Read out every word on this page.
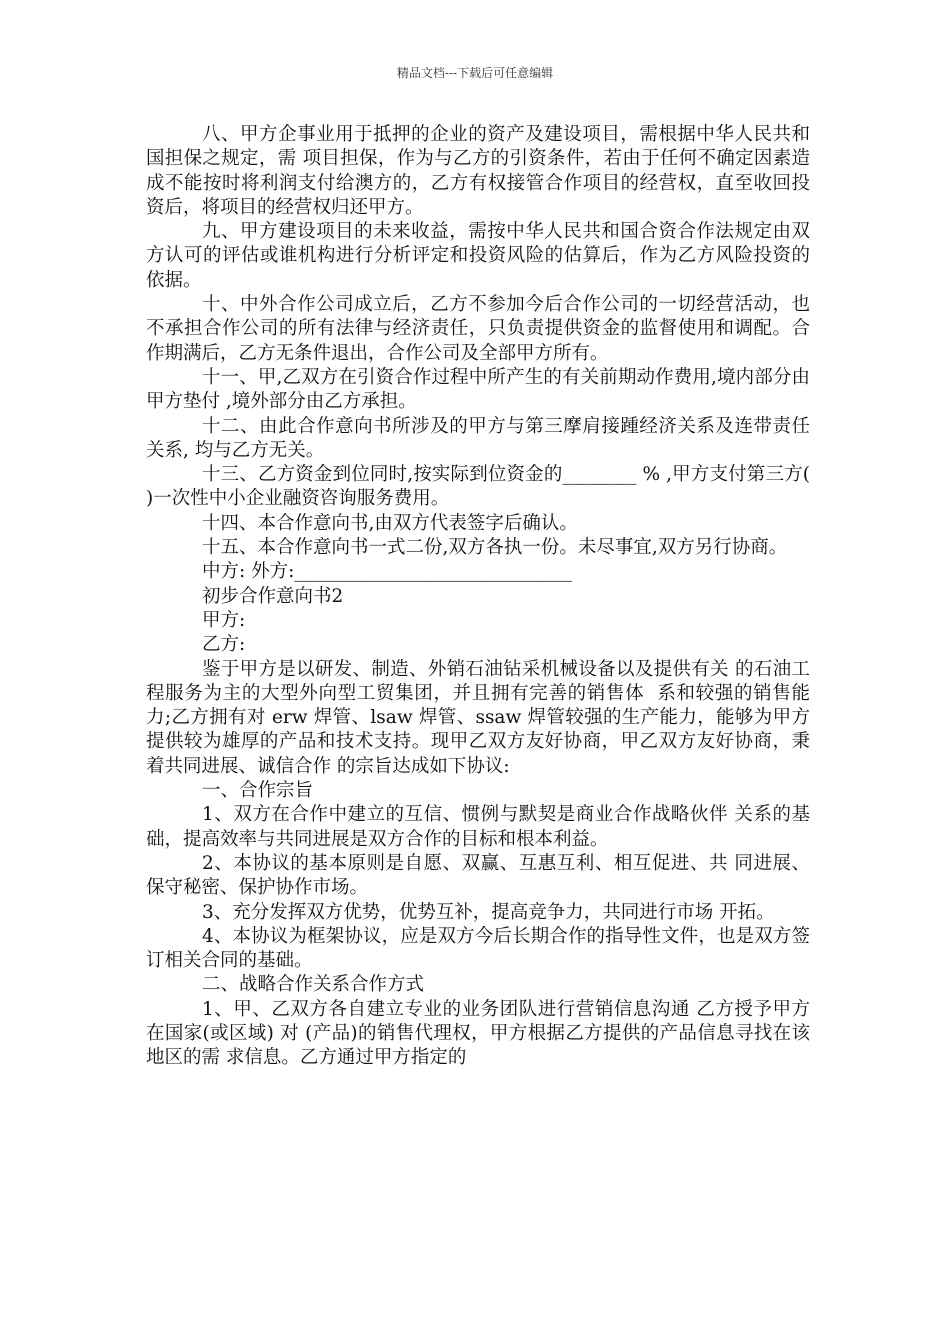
精品文档---下载后可任意编辑

八、甲方企事业用于抵押的企业的资产及建设项目，需根据中华人民共和国担保之规定，需 项目担保，作为与乙方的引资条件，若由于任何不确定因素造成不能按时将利润支付给澳方的，乙方有权接管合作项目的经营权，直至收回投资后，将项目的经营权归还甲方。

九、甲方建设项目的未来收益，需按中华人民共和国合资合作法规定由双方认可的评估或谁机构进行分析评定和投资风险的估算后，作为乙方风险投资的依据。

十、中外合作公司成立后，乙方不参加今后合作公司的一切经营活动，也不承担合作公司的所有法律与经济责任，只负责提供资金的监督使用和调配。合作期满后，乙方无条件退出，合作公司及全部甲方所有。

十一、甲,乙双方在引资合作过程中所产生的有关前期动作费用,境内部分由甲方垫付 ,境外部分由乙方承担。

十二、由此合作意向书所涉及的甲方与第三摩肩接踵经济关系及连带责任关系, 均与乙方无关。

十三、乙方资金到位同时,按实际到位资金的________ % ,甲方支付第三方( )一次性中小企业融资咨询服务费用。

十四、本合作意向书,由双方代表签字后确认。

十五、本合作意向书一式二份,双方各执一份。未尽事宜,双方另行协商。

中方: 外方:______________________________

初步合作意向书2

甲方:

乙方:

鉴于甲方是以研发、制造、外销石油钻采机械设备以及提供有关 的石油工程服务为主的大型外向型工贸集团，并且拥有完善的销售体  系和较强的销售能力;乙方拥有对 erw 焊管、lsaw 焊管、ssaw 焊管较强的生产能力，能够为甲方提供较为雄厚的产品和技术支持。现甲乙双方友好协商，甲乙双方友好协商，秉着共同进展、诚信合作 的宗旨达成如下协议:

一、合作宗旨

1、双方在合作中建立的互信、惯例与默契是商业合作战略伙伴 关系的基础，提高效率与共同进展是双方合作的目标和根本利益。

2、本协议的基本原则是自愿、双赢、互惠互利、相互促进、共 同进展、保守秘密、保护协作市场。

3、充分发挥双方优势，优势互补，提高竞争力，共同进行市场 开拓。

4、本协议为框架协议，应是双方今后长期合作的指导性文件，也是双方签订相关合同的基础。

二、战略合作关系合作方式

1、甲、乙双方各自建立专业的业务团队进行营销信息沟通 乙方授予甲方在国家(或区域) 对 (产品)的销售代理权，甲方根据乙方提供的产品信息寻找在该地区的需 求信息。乙方通过甲方指定的
